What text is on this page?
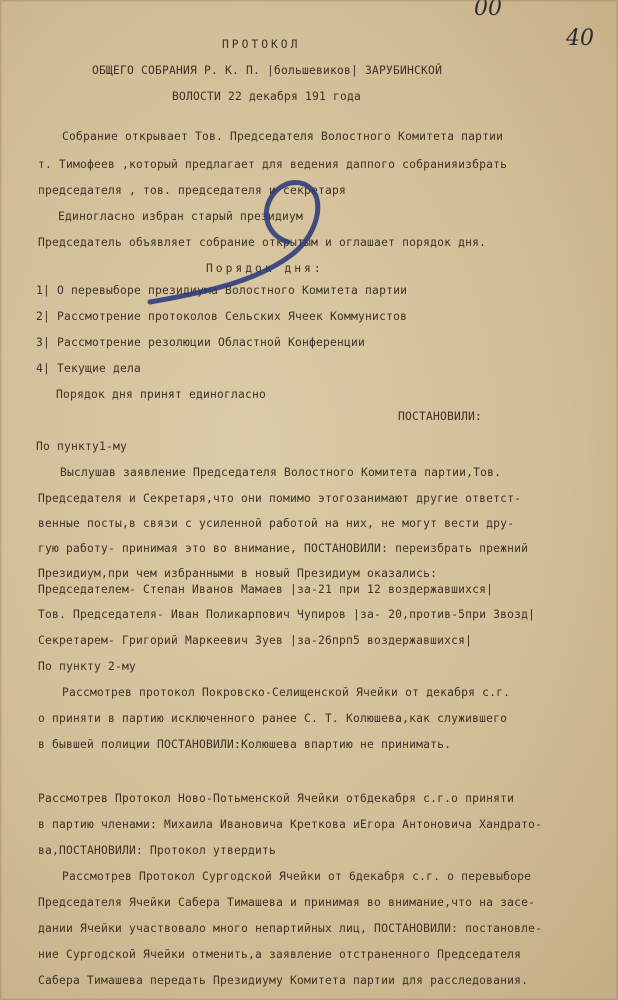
00
40
ПРОТОКОЛ
ОБЩЕГО СОБРАНИЯ Р. К. П. |большевиков| ЗАРУБИНСКОЙ
ВОЛОСТИ 22 декабря 191 года
Собрание открывает Тов. Председателя Волостного Комитета партии
т. Тимофеев ,который предлагает для ведения даппого собранияизбрать
председателя , тов. председателя и секретаря
Единогласно избран старый президиум
Председатель объявляет собрание открытым и оглашает порядок дня.
Порядок дня:
1| О перевыборе президиума Волостного Комитета партии
2| Рассмотрение протоколов Сельских Ячеек Коммунистов
3| Рассмотрение резолюции Областной Конференции
4| Текущие дела
Порядок дня принят единогласно
ПОСТАНОВИЛИ:
По пункту1-му
Выслушав заявление Председателя Волостного Комитета партии,Тов.
Председателя и Секретаря,что они помимо этогозанимают другие ответст-
венные посты,в связи с усиленной работой на них, не могут вести дру-
гую работу- принимая это во внимание, ПОСТАНОВИЛИ: переизбрать прежний
Президиум,при чем избранными в новый Президиум оказались:
Председателем- Степан Иванов Мамаев |за-21 при 12 воздержавшихся|
Тов. Председателя- Иван Поликарпович Чупиров |за- 20,против-5при 3возд|
Секретарем- Григорий Маркеевич Зуев |за-26прп5 воздержавшихся|
По пункту 2-му
Рассмотрев протокол Покровско-Селищенской Ячейки от декабря с.г.
о приняти в партию исключенного ранее С. Т. Колюшева,как служившего
в бывшей полиции ПОСТАНОВИЛИ:Колюшева впартию не принимать.
Рассмотрев Протокол Ново-Потьменской Ячейки от6декабря с.г.о приняти
в партию членами: Михаила Ивановича Креткова иЕгора Антоновича Хандрато-
ва,ПОСТАНОВИЛИ: Протокол утвердить
Рассмотрев Протокол Сургодской Ячейки от 6декабря с.г. о перевыборе
Председателя Ячейки Сабера Тимашева и принимая во внимание,что на засе-
дании Ячейки участвовало много непартийных лиц, ПОСТАНОВИЛИ: постановле-
ние Сургодской Ячейки отменить,а заявление отстраненного Председателя
Сабера Тимашева передать Президиуму Комитета партии для расследования.
